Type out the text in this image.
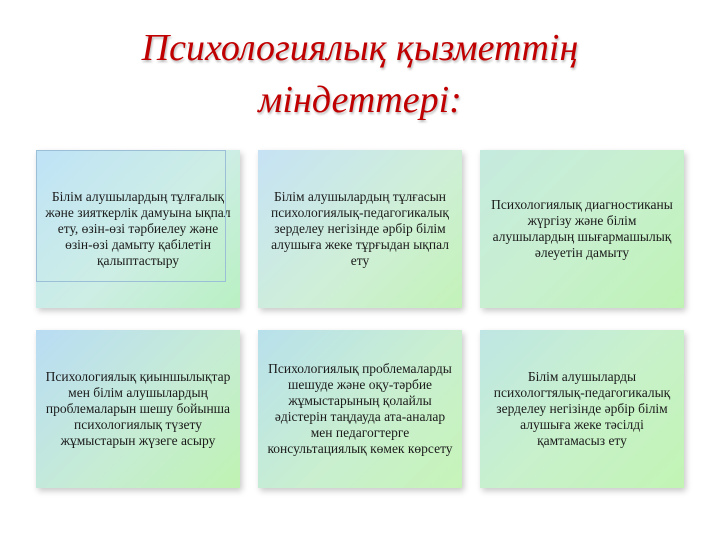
Психологиялық қызметтің
міндеттері:
Білім алушылардың тұлғалық және зияткерлік дамуына ықпал ету, өзін-өзі тәрбиелеу және өзін-өзі дамыту қабілетін қалыптастыру
Білім алушылардың тұлғасын психологиялық-педагогикалық зерделеу негізінде әрбір білім алушыға жеке тұрғыдан ықпал ету
Психологиялық диагностиканы жүргізу және білім алушылардың шығармашылық әлеуетін дамыту
Психологиялық қиыншылықтар мен білім алушылардың проблемаларын шешу бойынша психологиялық түзету жұмыстарын жүзеге асыру
Психологиялық проблемаларды шешуде және оқу-тәрбие жұмыстарының қолайлы әдістерін таңдауда ата-аналар мен педагогтерге консультациялық көмек көрсету
Білім алушыларды психологтялық-педагогикалық зерделеу негізінде әрбір білім алушыға жеке тәсілді қамтамасыз ету
